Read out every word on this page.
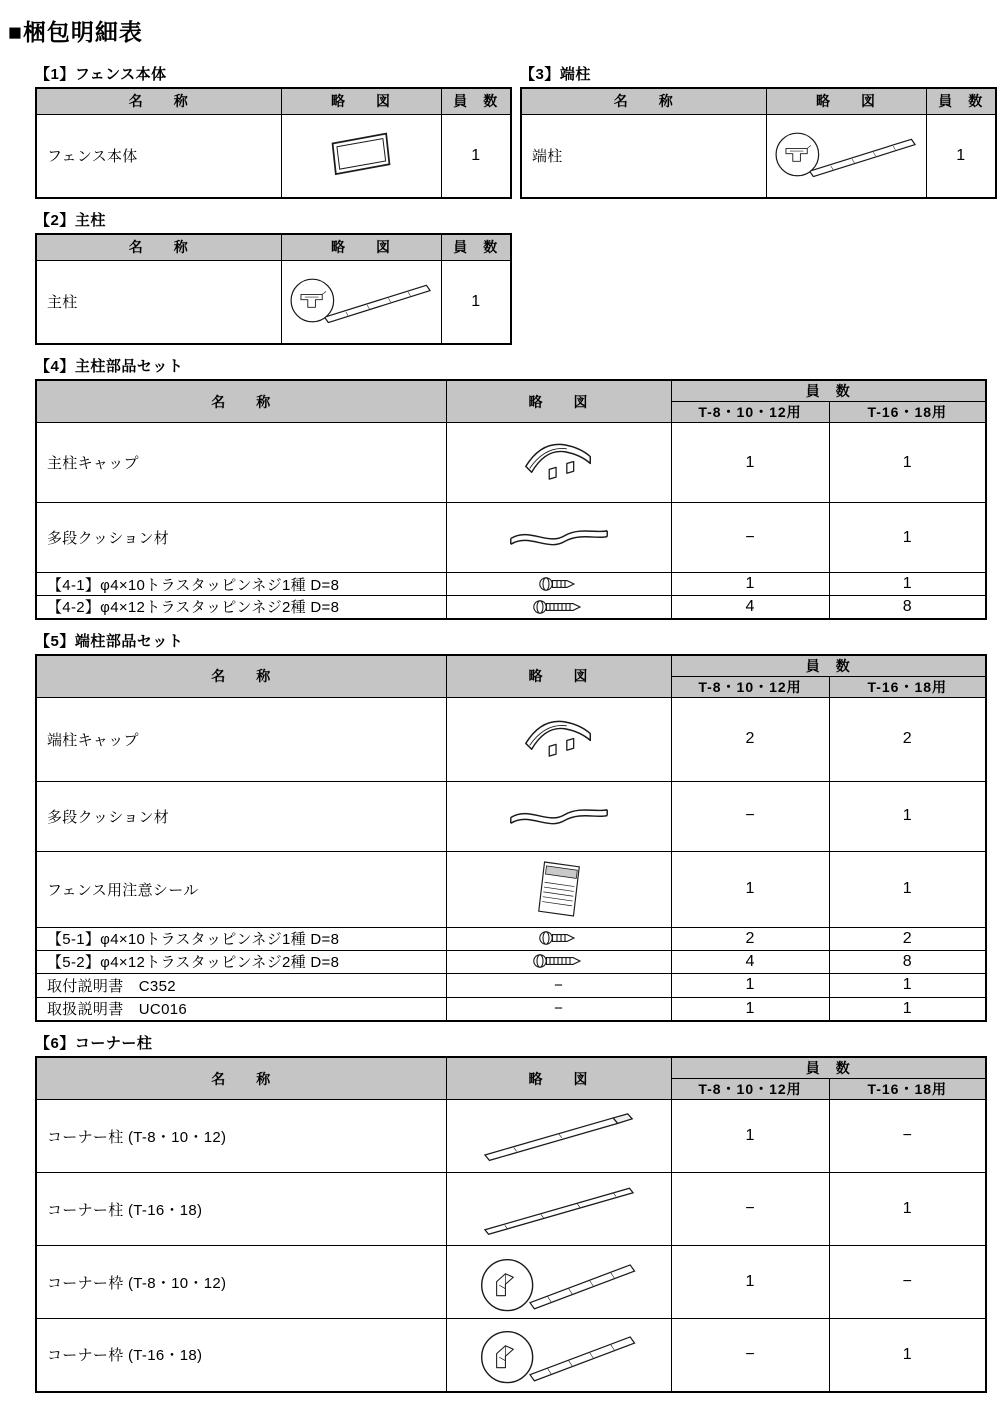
■梱包明細表
【1】フェンス本体
名　　称	略　　図	員　数
フェンス本体		1
【3】端柱
名　　称	略　　図	員　数
端柱		1
【2】主柱
名　　称	略　　図	員　数
主柱		1
【4】主柱部品セット
名　　称	略　　図	員　数	
		T-8・10・12用	T-16・18用
主柱キャップ		1	1
多段クッション材		−	1
【4-1】φ4×10トラスタッピンネジ1種 D=8		1	1
【4-2】φ4×12トラスタッピンネジ2種 D=8		4	8
【5】端柱部品セット
名　　称	略　　図	員　数	
		T-8・10・12用	T-16・18用
端柱キャップ		2	2
多段クッション材		−	1
フェンス用注意シール		1	1
【5-1】φ4×10トラスタッピンネジ1種 D=8		2	2
【5-2】φ4×12トラスタッピンネジ2種 D=8		4	8
取付説明書　C352	−	1	1
取扱説明書　UC016	−	1	1
【6】コーナー柱
名　　称	略　　図	員　数	
		T-8・10・12用	T-16・18用
コーナー柱 (T-8・10・12)		1	−
コーナー柱 (T-16・18)		−	1
コーナー枠 (T-8・10・12)		1	−
コーナー枠 (T-16・18)		−	1
